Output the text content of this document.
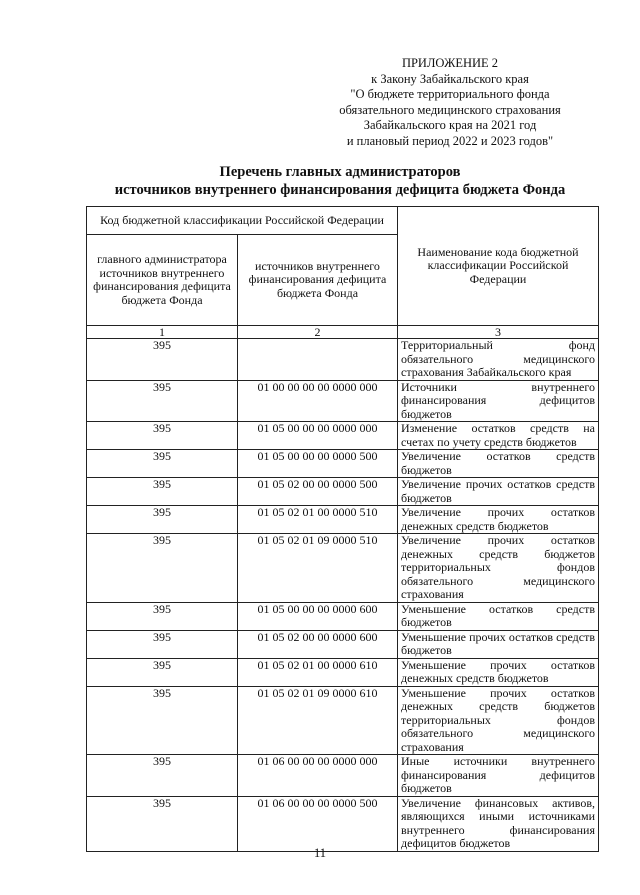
ПРИЛОЖЕНИЕ 2
к Закону Забайкальского края
"О бюджете территориального фонда
обязательного медицинского страхования
Забайкальского края на 2021 год
и плановый период 2022 и 2023 годов"
Перечень главных администраторов
источников внутреннего финансирования дефицита бюджета Фонда
Код бюджетной классификации Российской Федерации		Наименование кода бюджетной классификации Российской Федерации
главного администратора источников внутреннего финансирования дефицита бюджета Фонда	источников внутреннего финансирования дефицита бюджета Фонда	
1	2	3
395		Территориальный фонд обязательного медицинского страхования Забайкальского края
395	01 00 00 00 00 0000 000	Источники внутреннего финансирования дефицитов бюджетов
395	01 05 00 00 00 0000 000	Изменение остатков средств на счетах по учету средств бюджетов
395	01 05 00 00 00 0000 500	Увеличение остатков средств бюджетов
395	01 05 02 00 00 0000 500	Увеличение прочих остатков средств бюджетов
395	01 05 02 01 00 0000 510	Увеличение прочих остатков денежных средств бюджетов
395	01 05 02 01 09 0000 510	Увеличение прочих остатков денежных средств бюджетов территориальных фондов обязательного медицинского страхования
395	01 05 00 00 00 0000 600	Уменьшение остатков средств бюджетов
395	01 05 02 00 00 0000 600	Уменьшение прочих остатков средств бюджетов
395	01 05 02 01 00 0000 610	Уменьшение прочих остатков денежных средств бюджетов
395	01 05 02 01 09 0000 610	Уменьшение прочих остатков денежных средств бюджетов территориальных фондов обязательного медицинского страхования
395	01 06 00 00 00 0000 000	Иные источники внутреннего финансирования дефицитов бюджетов
395	01 06 00 00 00 0000 500	Увеличение финансовых активов, являющихся иными источниками внутреннего финансирования дефицитов бюджетов
11
